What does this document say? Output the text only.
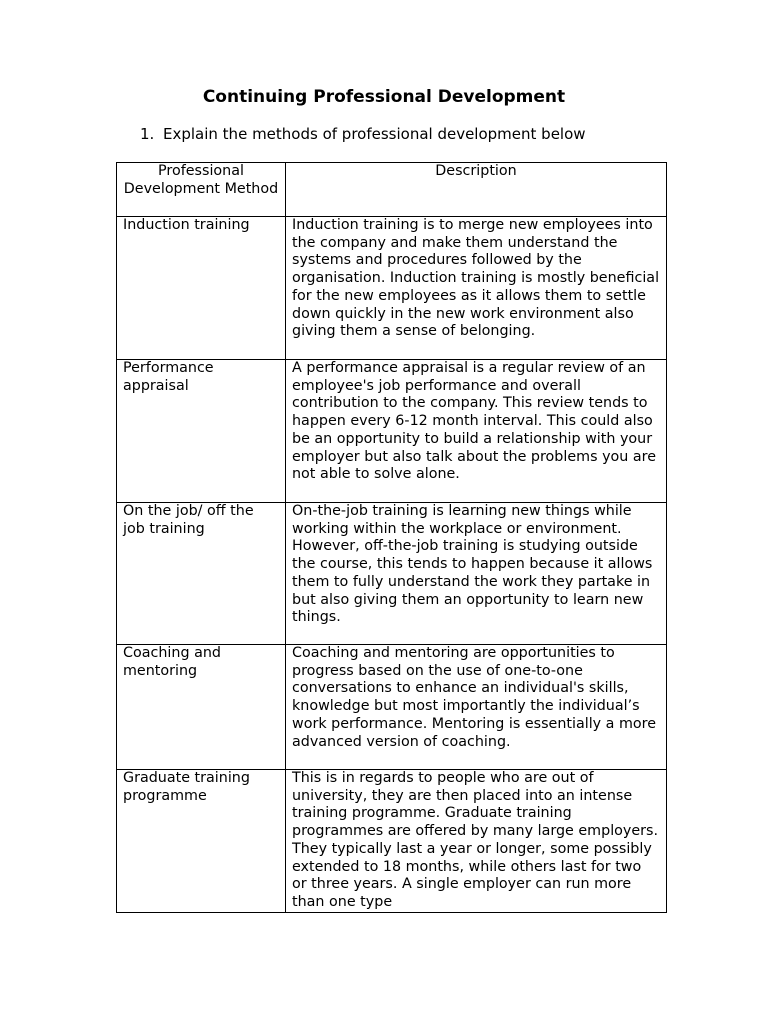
Continuing Professional Development
1. Explain the methods of professional development below
Professional Development Method	Description
Induction training	Induction training is to merge new employees into the company and make them understand the systems and procedures followed by the organisation. Induction training is mostly beneficial for the new employees as it allows them to settle down quickly in the new work environment also giving them a sense of belonging.
Performance appraisal	A performance appraisal is a regular review of an employee's job performance and overall contribution to the company. This review tends to happen every 6-12 month interval. This could also be an opportunity to build a relationship with your employer but also talk about the problems you are not able to solve alone.
On the job/ off the job training	On-the-job training is learning new things while working within the workplace or environment. However, off-the-job training is studying outside the course, this tends to happen because it allows them to fully understand the work they partake in but also giving them an opportunity to learn new things.
Coaching and mentoring	Coaching and mentoring are opportunities to progress based on the use of one-to-one conversations to enhance an individual's skills, knowledge but most importantly the individual’s work performance. Mentoring is essentially a more advanced version of coaching.
Graduate training programme	This is in regards to people who are out of university, they are then placed into an intense training programme. Graduate training programmes are offered by many large employers. They typically last a year or longer, some possibly extended to 18 months, while others last for two or three years. A single employer can run more than one type
